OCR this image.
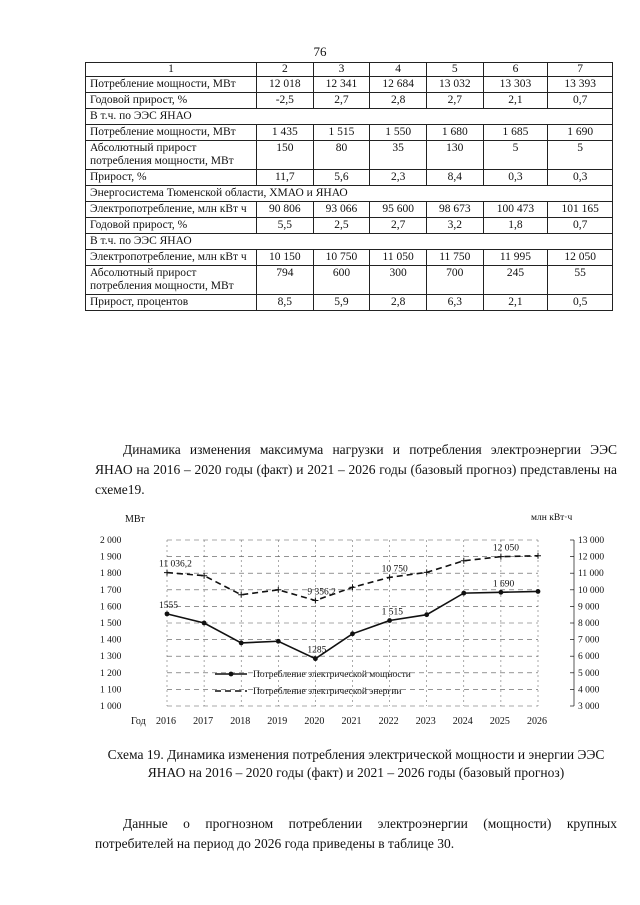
76
1	2	3	4	5	6	7
Потребление мощности, МВт	12 018	12 341	12 684	13 032	13 303	13 393
Годовой прирост, %	-2,5	2,7	2,8	2,7	2,1	0,7
В т.ч. по ЭЭС ЯНАО						
Потребление мощности, МВт	1 435	1 515	1 550	1 680	1 685	1 690
Абсолютный прирост потребления мощности, МВт	150	80	35	130	5	5
Прирост, %	11,7	5,6	2,3	8,4	0,3	0,3
Энергосистема Тюменской области, ХМАО и ЯНАО						
Электропотребление, млн кВт ч	90 806	93 066	95 600	98 673	100 473	101 165
Годовой прирост, %	5,5	2,5	2,7	3,2	1,8	0,7
В т.ч. по ЭЭС ЯНАО						
Электропотребление, млн кВт ч	10 150	10 750	11 050	11 750	11 995	12 050
Абсолютный прирост потребления мощности, МВт	794	600	300	700	245	55
Прирост, процентов	8,5	5,9	2,8	6,3	2,1	0,5
Динамика изменения максимума нагрузки и потребления электроэнергии ЭЭС ЯНАО на 2016 – 2020 годы (факт) и 2021 – 2026 годы (базовый прогноз) представлены на схеме19.
1 000
1 100
1 200
1 300
1 400
1 500
1 600
1 700
1 800
1 900
2 000
3 000
4 000
5 000
6 000
7 000
8 000
9 000
10 000
11 000
12 000
13 000
МВт	млн кВт·ч
Год 2016 2017 2018 2019 2020 2021 2022 2023 2024 2025 2026
1555
1285
1 515
1 690
11 036,2
9 356,2
10 750
12 050
Потребление электрической мощности
Потребление электрической энергии
Схема 19. Динамика изменения потребления электрической мощности и энергии ЭЭС ЯНАО на 2016 – 2020 годы (факт) и 2021 – 2026 годы (базовый прогноз)
Данные о прогнозном потреблении электроэнергии (мощности) крупных потребителей на период до 2026 года приведены в таблице 30.
